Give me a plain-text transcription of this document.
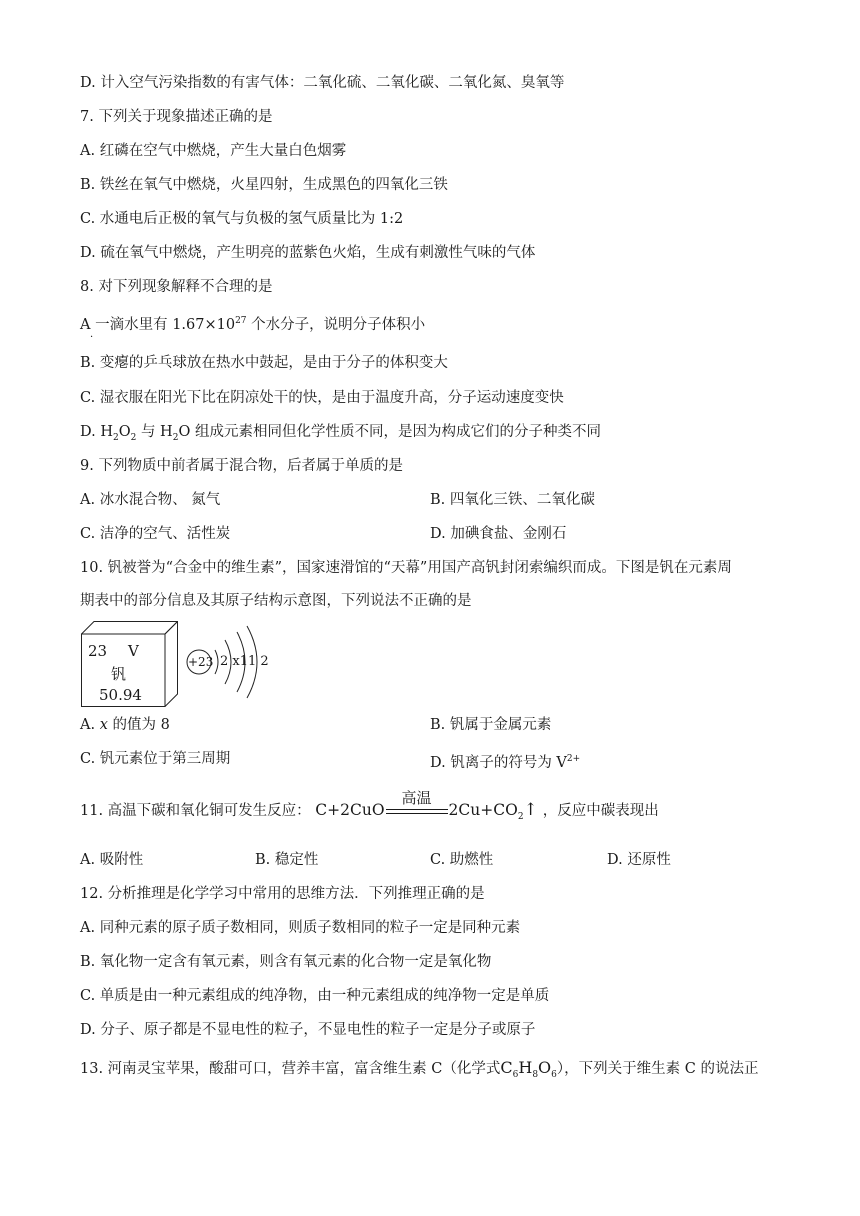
D. 计入空气污染指数的有害气体：二氧化硫、二氧化碳、二氧化氮、臭氧等
7. 下列关于现象描述正确的是
A. 红磷在空气中燃烧，产生大量白色烟雾
B. 铁丝在氧气中燃烧，火星四射，生成黑色的四氧化三铁
C. 水通电后正极的氧气与负极的氢气质量比为 1:2
D. 硫在氧气中燃烧，产生明亮的蓝紫色火焰，生成有刺激性气味的气体
8. 对下列现象解释不合理的是
A 一滴水里有 $1.67\times 10^{27}$ 个水分子，说明分子体积小
·
B. 变瘪的乒乓球放在热水中鼓起，是由于分子的体积变大
C. 湿衣服在阳光下比在阴凉处干的快，是由于温度升高，分子运动速度变快
D. $H_2O_2$ 与 $H_2O$ 组成元素相同但化学性质不同，是因为构成它们的分子种类不同
9. 下列物质中前者属于混合物，后者属于单质的是
A. 冰水混合物、 氮气	B. 四氧化三铁、二氧化碳
C. 洁净的空气、活性炭	D. 加碘食盐、金刚石
10. 钒被誉为“合金中的维生素”，国家速滑馆的“天幕”用国产高钒封闭索编织而成。下图是钒在元素周
期表中的部分信息及其原子结构示意图，下列说法不正确的是
23 V
钒
50.94
+23 2 x11 2
A. x 的值为 8	B. 钒属于金属元素
C. 钒元素位于第三周期	D. 钒离子的符号为 $V^{2+}$
11. 高温下碳和氧化铜可发生反应： C+2CuO
高温
$2Cu+CO_2↑$ ，反应中碳表现出
A. 吸附性	B. 稳定性	C. 助燃性	D. 还原性
12. 分析推理是化学学习中常用的思维方法．下列推理正确的是
A. 同种元素的原子质子数相同，则质子数相同的粒子一定是同种元素
B. 氧化物一定含有氧元素，则含有氧元素的化合物一定是氧化物
C. 单质是由一种元素组成的纯净物，由一种元素组成的纯净物一定是单质
D. 分子、原子都是不显电性的粒子，不显电性的粒子一定是分子或原子
13. 河南灵宝苹果，酸甜可口，营养丰富，富含维生素 C（化学式$C_6H_8O_6$），下列关于维生素 C 的说法正
